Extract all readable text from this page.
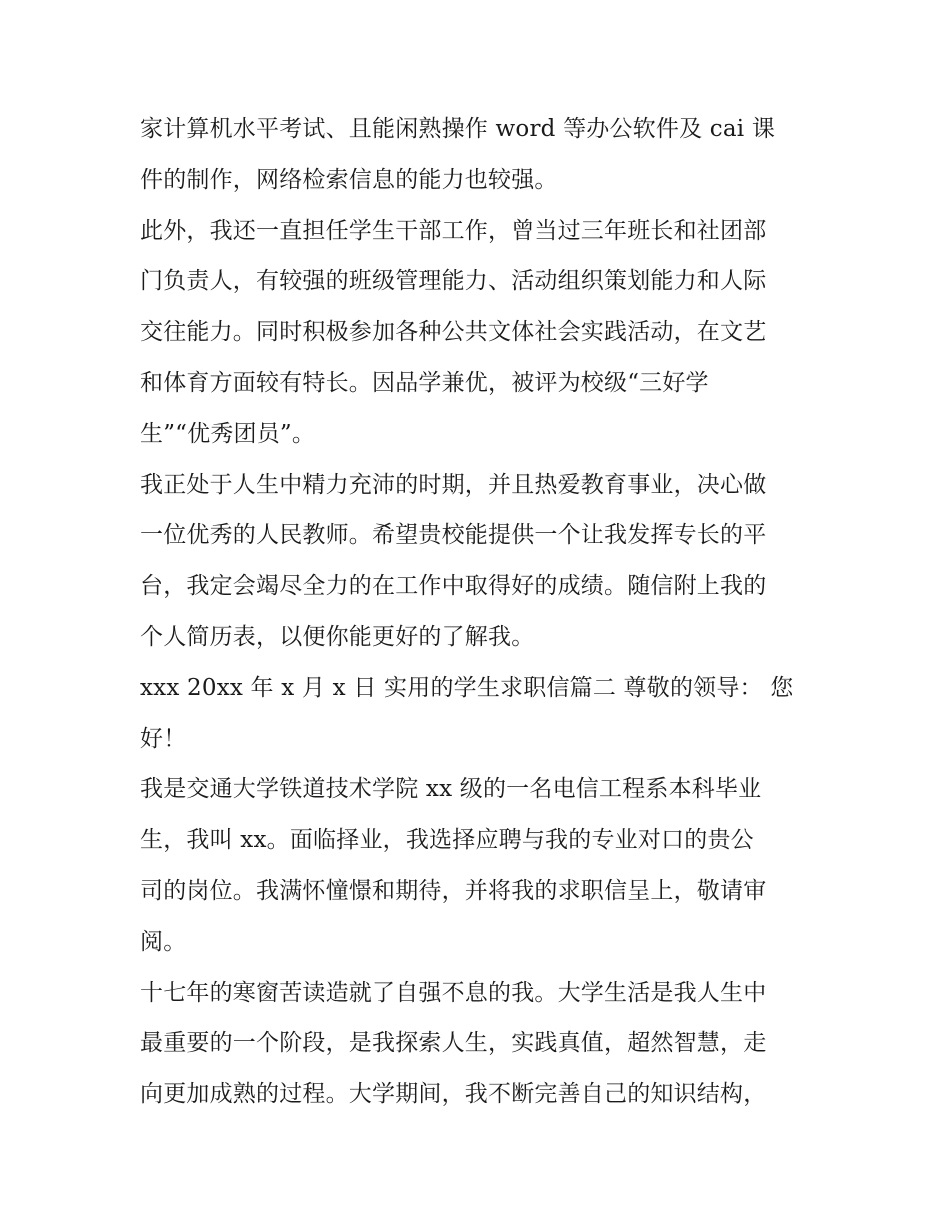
家计算机水平考试、且能闲熟操作 word 等办公软件及 cai 课
件的制作，网络检索信息的能力也较强。
此外，我还一直担任学生干部工作，曾当过三年班长和社团部
门负责人，有较强的班级管理能力、活动组织策划能力和人际
交往能力。同时积极参加各种公共文体社会实践活动，在文艺
和体育方面较有特长。因品学兼优，被评为校级“三好学
生”“优秀团员”。
我正处于人生中精力充沛的时期，并且热爱教育事业，决心做
一位优秀的人民教师。希望贵校能提供一个让我发挥专长的平
台，我定会竭尽全力的在工作中取得好的成绩。随信附上我的
个人简历表，以便你能更好的了解我。
xxx 20xx 年 x 月 x 日 实用的学生求职信篇二 尊敬的领导： 您
好！
我是交通大学铁道技术学院 xx 级的一名电信工程系本科毕业
生，我叫 xx。面临择业，我选择应聘与我的专业对口的贵公
司的岗位。我满怀憧憬和期待，并将我的求职信呈上，敬请审
阅。
十七年的寒窗苦读造就了自强不息的我。大学生活是我人生中
最重要的一个阶段，是我探索人生，实践真值，超然智慧，走
向更加成熟的过程。大学期间，我不断完善自己的知识结构，
